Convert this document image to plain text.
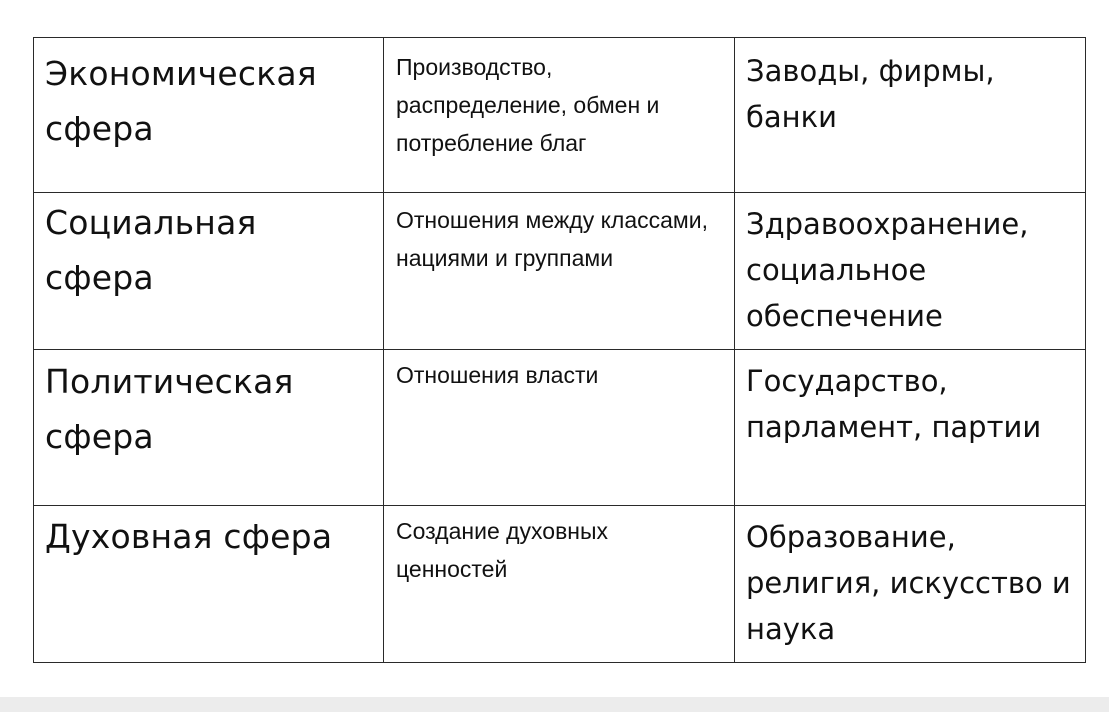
Экономическая сфера	Производство, распределение, обмен и потребление благ	Заводы, фирмы, банки

Социальная сфера	Отношения между классами, нациями и группами	Здравоохранение, социальное обеспечение

Политическая сфера	Отношения власти	Государство, парламент, партии

Духовная сфера	Создание духовных ценностей	Образование, религия, искусство и наука
